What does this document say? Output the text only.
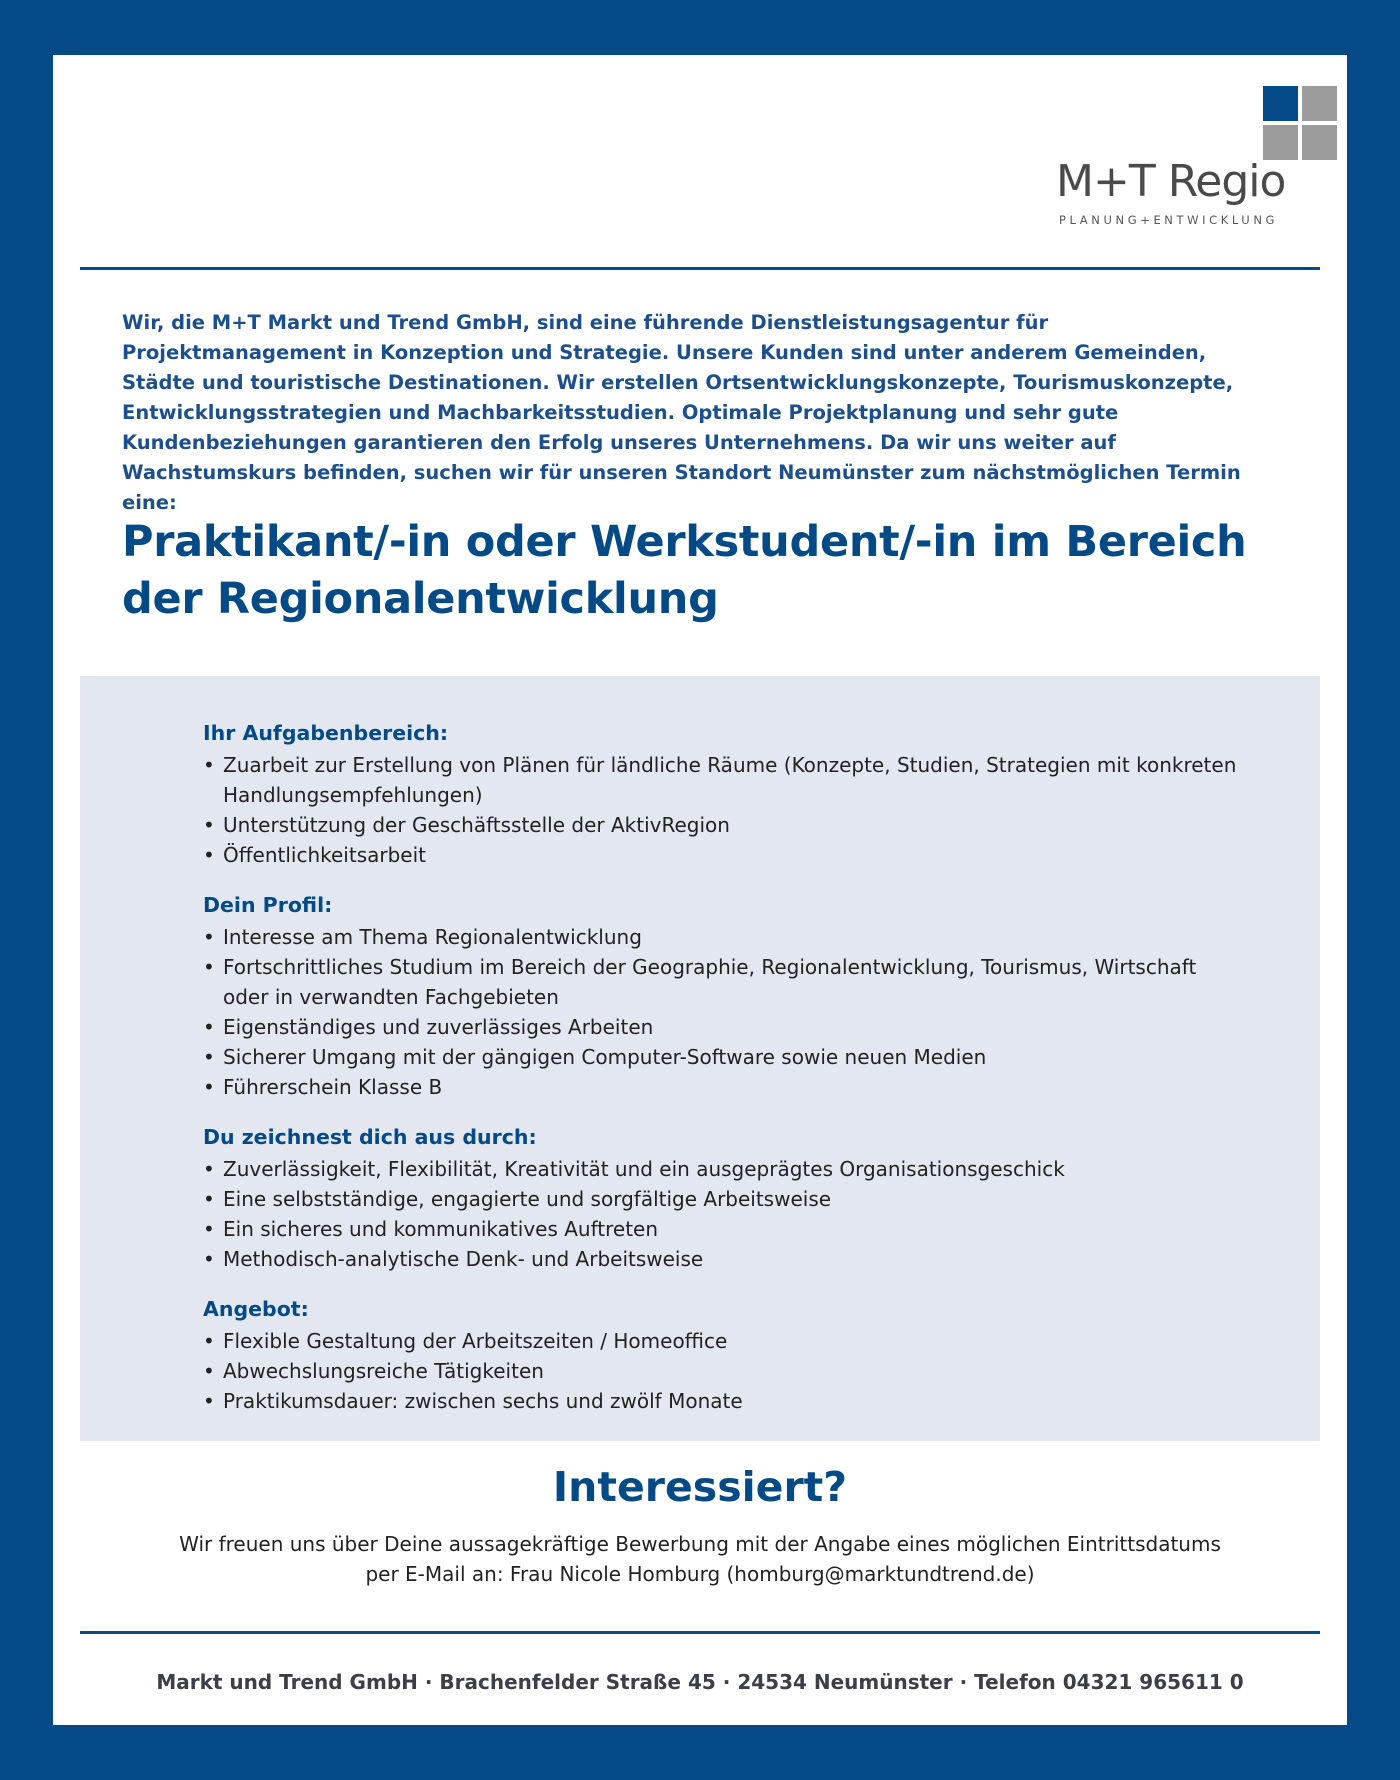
M+T Regio
PLANUNG+ENTWICKLUNG

Wir, die M+T Markt und Trend GmbH, sind eine führende Dienstleistungsagentur für Projektmanagement in Konzeption und Strategie. Unsere Kunden sind unter anderem Gemeinden, Städte und touristische Destinationen. Wir erstellen Ortsentwicklungskonzepte, Tourismuskonzepte, Entwicklungsstrategien und Machbarkeitsstudien. Optimale Projektplanung und sehr gute Kundenbeziehungen garantieren den Erfolg unseres Unternehmens. Da wir uns weiter auf Wachstumskurs befinden, suchen wir für unseren Standort Neumünster zum nächstmöglichen Termin eine:

Praktikant/-in oder Werkstudent/-in im Bereich
der Regionalentwicklung
Ihr Aufgabenbereich:
• Zuarbeit zur Erstellung von Plänen für ländliche Räume (Konzepte, Studien, Strategien mit konkreten Handlungsempfehlungen)
• Unterstützung der Geschäftsstelle der AktivRegion
• Öffentlichkeitsarbeit
Dein Profil:
• Interesse am Thema Regionalentwicklung
• Fortschrittliches Studium im Bereich der Geographie, Regionalentwicklung, Tourismus, Wirtschaft oder in verwandten Fachgebieten
• Eigenständiges und zuverlässiges Arbeiten
• Sicherer Umgang mit der gängigen Computer-Software sowie neuen Medien
• Führerschein Klasse B
Du zeichnest dich aus durch:
• Zuverlässigkeit, Flexibilität, Kreativität und ein ausgeprägtes Organisationsgeschick
• Eine selbstständige, engagierte und sorgfältige Arbeitsweise
• Ein sicheres und kommunikatives Auftreten
• Methodisch-analytische Denk- und Arbeitsweise
Angebot:
• Flexible Gestaltung der Arbeitszeiten / Homeoffice
• Abwechslungsreiche Tätigkeiten
• Praktikumsdauer: zwischen sechs und zwölf Monate
Interessiert?

Wir freuen uns über Deine aussagekräftige Bewerbung mit der Angabe eines möglichen Eintrittsdatums
per E-Mail an: Frau Nicole Homburg (homburg@marktundtrend.de)

Markt und Trend GmbH · Brachenfelder Straße 45 · 24534 Neumünster · Telefon 04321 965611 0
